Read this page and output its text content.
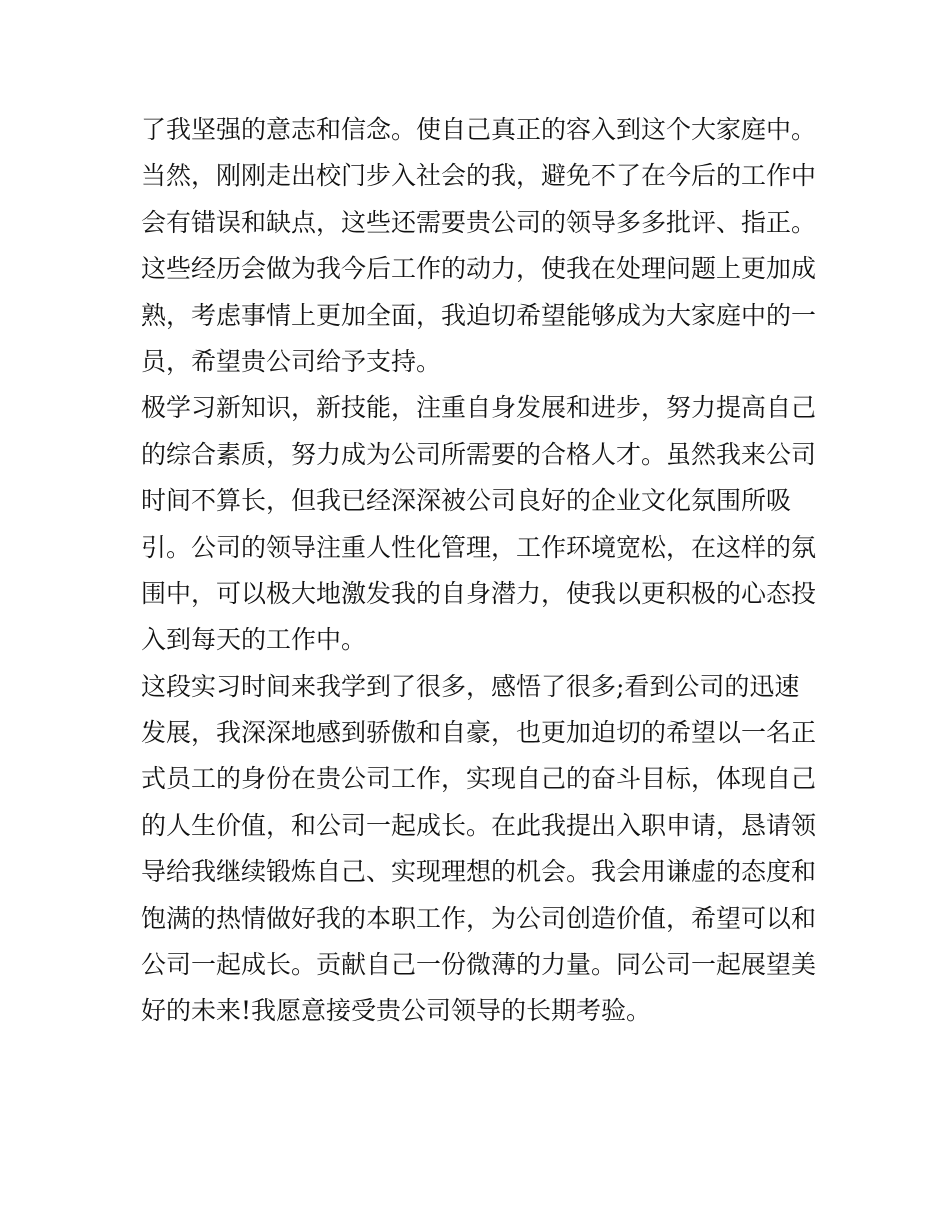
了我坚强的意志和信念。使自己真正的容入到这个大家庭中。
当然，刚刚走出校门步入社会的我，避免不了在今后的工作中
会有错误和缺点，这些还需要贵公司的领导多多批评、指正。
这些经历会做为我今后工作的动力，使我在处理问题上更加成
熟，考虑事情上更加全面，我迫切希望能够成为大家庭中的一
员，希望贵公司给予支持。
极学习新知识，新技能，注重自身发展和进步，努力提高自己
的综合素质，努力成为公司所需要的合格人才。虽然我来公司
时间不算长，但我已经深深被公司良好的企业文化氛围所吸
引。公司的领导注重人性化管理，工作环境宽松，在这样的氛
围中，可以极大地激发我的自身潜力，使我以更积极的心态投
入到每天的工作中。
这段实习时间来我学到了很多，感悟了很多;看到公司的迅速
发展，我深深地感到骄傲和自豪，也更加迫切的希望以一名正
式员工的身份在贵公司工作，实现自己的奋斗目标，体现自己
的人生价值，和公司一起成长。在此我提出入职申请，恳请领
导给我继续锻炼自己、实现理想的机会。我会用谦虚的态度和
饱满的热情做好我的本职工作，为公司创造价值，希望可以和
公司一起成长。贡献自己一份微薄的力量。同公司一起展望美
好的未来!我愿意接受贵公司领导的长期考验。
